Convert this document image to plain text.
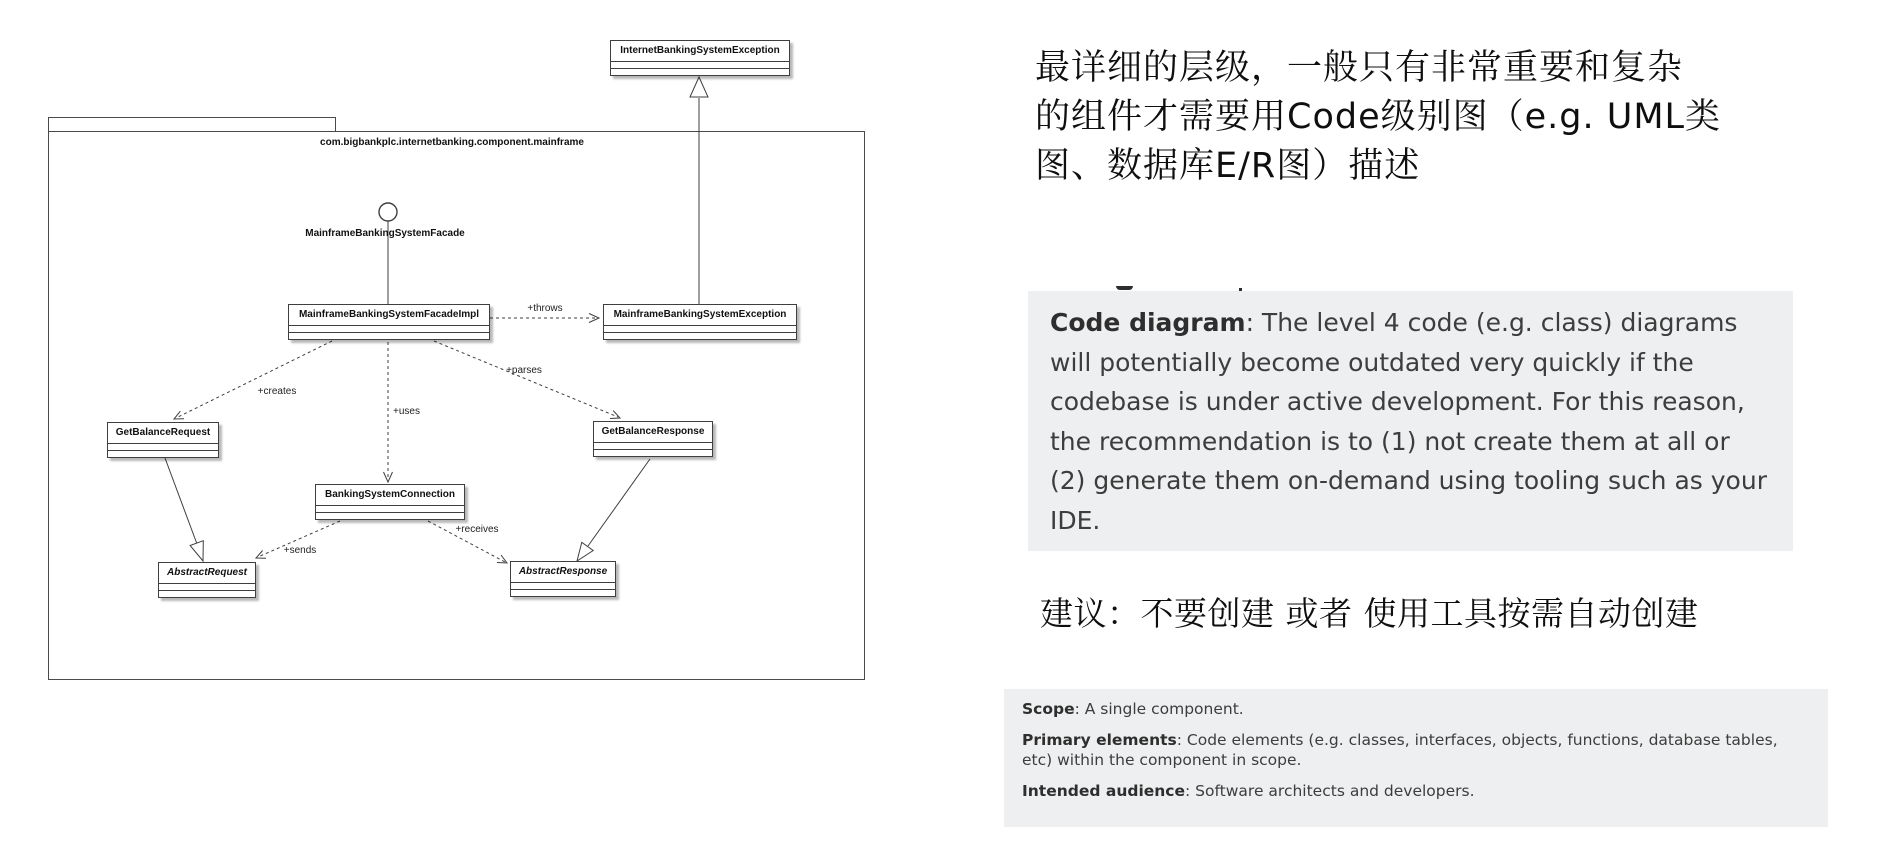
com.bigbankplc.internetbanking.component.mainframe
MainframeBankingSystemFacade
InternetBankingSystemException
MainframeBankingSystemFacadeImpl	MainframeBankingSystemException
GetBalanceRequest	GetBalanceResponse
BankingSystemConnection
AbstractRequest	AbstractResponse
+throws
+creates
+uses
+parses
+sends
+receives
最详细的层级，一般只有非常重要和复杂
的组件才需要用Code级别图（e.g. UML类
图、数据库E/R图）描述
Code diagram: The level 4 code (e.g. class) diagrams will potentially become outdated very quickly if the codebase is under active development. For this reason, the recommendation is to (1) not create them at all or (2) generate them on-demand using tooling such as your IDE.
建议：不要创建 或者 使用工具按需自动创建

Scope: A single component.

Primary elements: Code elements (e.g. classes, interfaces, objects, functions, database tables, etc) within the component in scope.

Intended audience: Software architects and developers.
